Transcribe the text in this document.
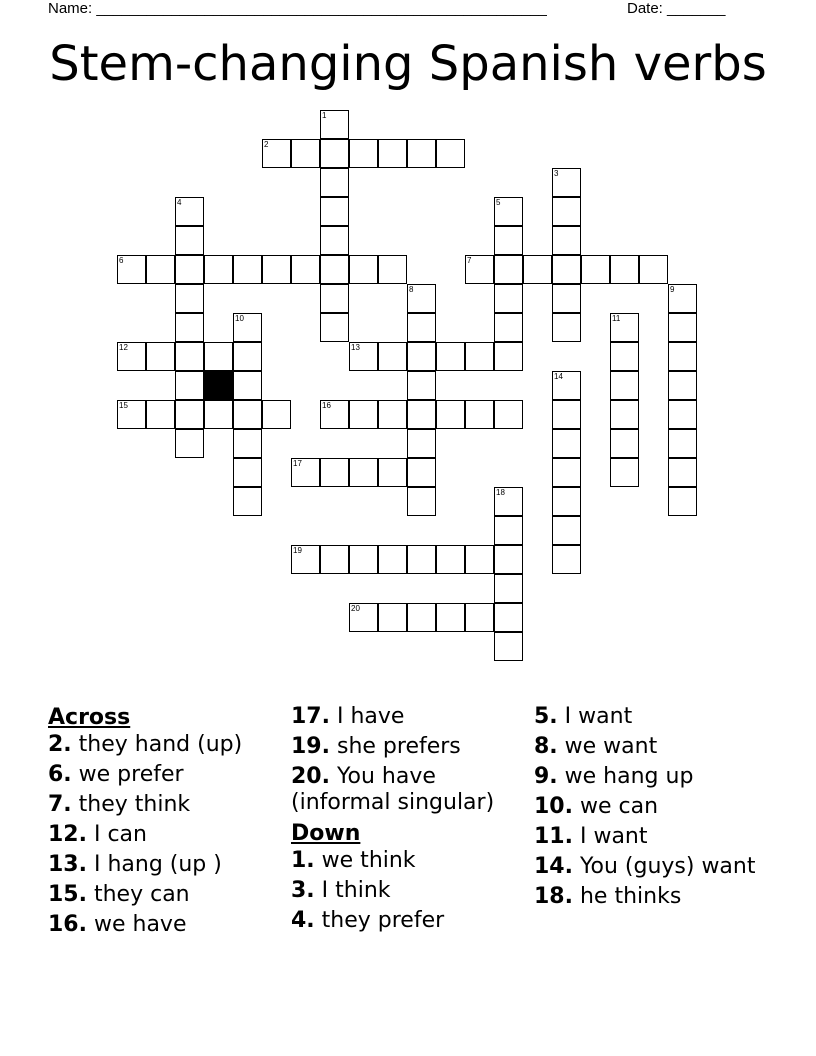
Name: ______________________________________________________	Date: _______
Stem-changing Spanish verbs
2
6	7
12	13
15	16
17
19
20
1
3
4	5
8	9
10	11
14
18
Across
2. they hand (up)
6. we prefer
7. they think
12. I can
13. I hang (up )
15. they can
16. we have
17. I have
19. she prefers
20. You have (informal singular)
Down
1. we think
3. I think
4. they prefer
5. I want
8. we want
9. we hang up
10. we can
11. I want
14. You (guys) want
18. he thinks
